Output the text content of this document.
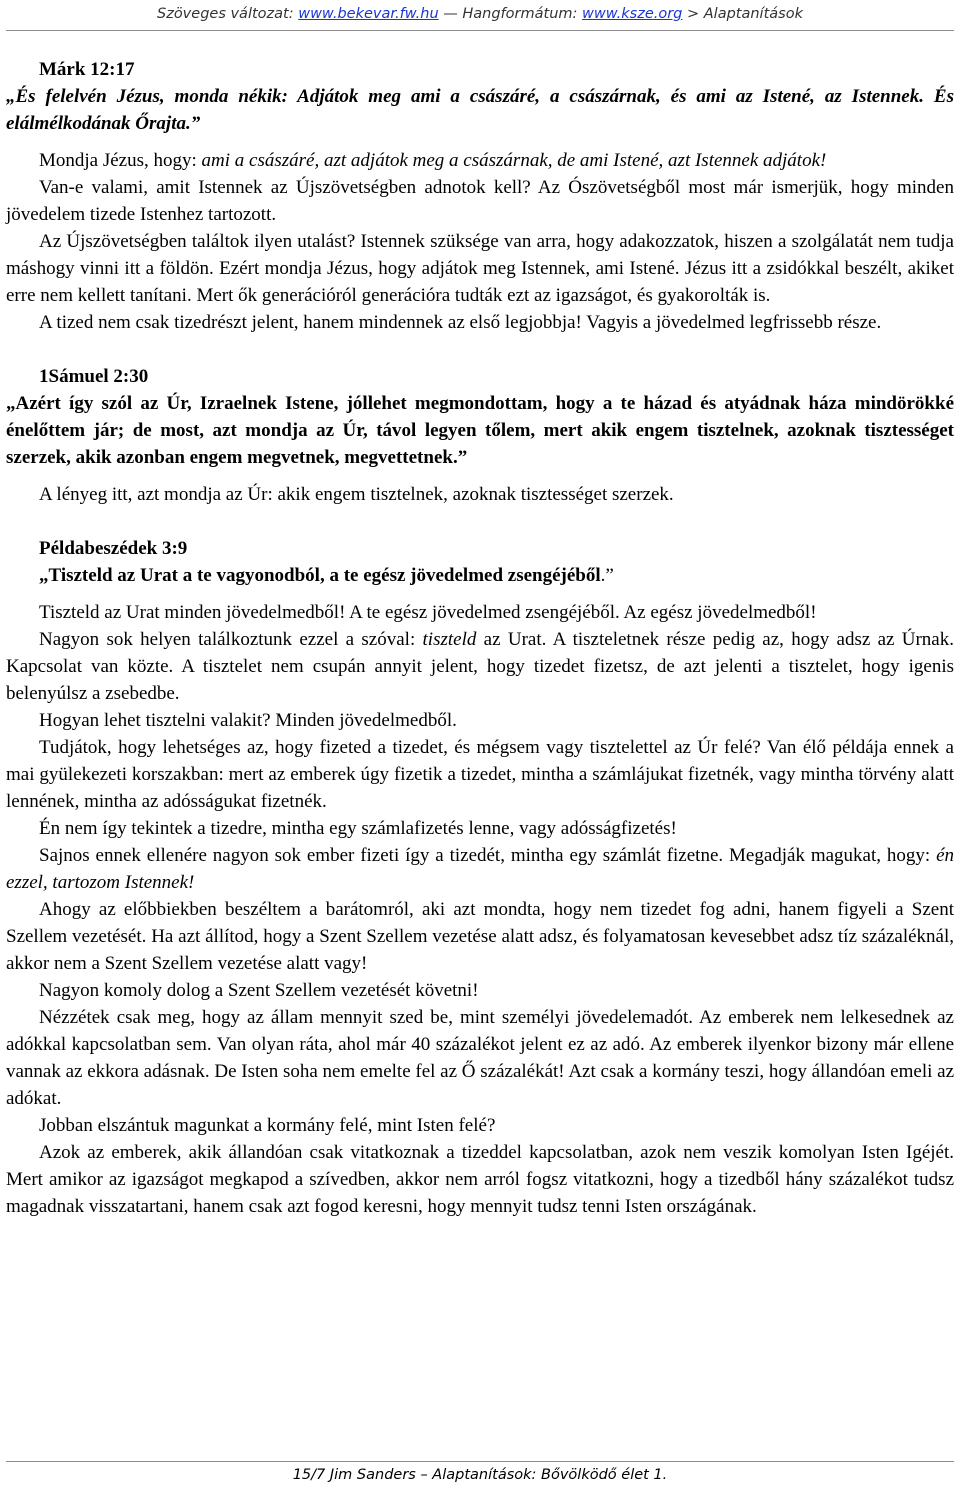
Szöveges változat: www.bekevar.fw.hu — Hangformátum: www.ksze.org > Alaptanítások

Márk 12:17

„És felelvén Jézus, monda nékik: Adjátok meg ami a császáré, a császárnak, és ami az Istené, az Istennek. És elálmélkodának Őrajta.”

Mondja Jézus, hogy: ami a császáré, azt adjátok meg a császárnak, de ami Istené, azt Istennek adjátok!

Van-e valami, amit Istennek az Újszövetségben adnotok kell? Az Ószövetségből most már ismerjük, hogy minden jövedelem tizede Istenhez tartozott.

Az Újszövetségben találtok ilyen utalást? Istennek szüksége van arra, hogy adakozzatok, hiszen a szolgálatát nem tudja máshogy vinni itt a földön. Ezért mondja Jézus, hogy adjátok meg Istennek, ami Istené. Jézus itt a zsidókkal beszélt, akiket erre nem kellett tanítani. Mert ők generációról generációra tudták ezt az igazságot, és gyakorolták is.

A tized nem csak tizedrészt jelent, hanem mindennek az első legjobbja! Vagyis a jövedelmed legfrissebb része.

1Sámuel 2:30

„Azért így szól az Úr, Izraelnek Istene, jóllehet megmondottam, hogy a te házad és atyádnak háza mindörökké énelőttem jár; de most, azt mondja az Úr, távol legyen tőlem, mert akik engem tisztelnek, azoknak tisztességet szerzek, akik azonban engem megvetnek, megvettetnek.”

A lényeg itt, azt mondja az Úr: akik engem tisztelnek, azoknak tisztességet szerzek.

Példabeszédek 3:9

„Tiszteld az Urat a te vagyonodból, a te egész jövedelmed zsengéjéből.”

Tiszteld az Urat minden jövedelmedből! A te egész jövedelmed zsengéjéből. Az egész jövedelmedből!

Nagyon sok helyen találkoztunk ezzel a szóval: tiszteld az Urat. A tiszteletnek része pedig az, hogy adsz az Úrnak. Kapcsolat van közte. A tisztelet nem csupán annyit jelent, hogy tizedet fizetsz, de azt jelenti a tisztelet, hogy igenis belenyúlsz a zsebedbe.

Hogyan lehet tisztelni valakit? Minden jövedelmedből.

Tudjátok, hogy lehetséges az, hogy fizeted a tizedet, és mégsem vagy tisztelettel az Úr felé? Van élő példája ennek a mai gyülekezeti korszakban: mert az emberek úgy fizetik a tizedet, mintha a számlájukat fizetnék, vagy mintha törvény alatt lennének, mintha az adósságukat fizetnék.

Én nem így tekintek a tizedre, mintha egy számlafizetés lenne, vagy adósságfizetés!

Sajnos ennek ellenére nagyon sok ember fizeti így a tizedét, mintha egy számlát fizetne. Megadják magukat, hogy: én ezzel, tartozom Istennek!

Ahogy az előbbiekben beszéltem a barátomról, aki azt mondta, hogy nem tizedet fog adni, hanem figyeli a Szent Szellem vezetését. Ha azt állítod, hogy a Szent Szellem vezetése alatt adsz, és folyamatosan kevesebbet adsz tíz százaléknál, akkor nem a Szent Szellem vezetése alatt vagy!

Nagyon komoly dolog a Szent Szellem vezetését követni!

Nézzétek csak meg, hogy az állam mennyit szed be, mint személyi jövedelemadót. Az emberek nem lelkesednek az adókkal kapcsolatban sem. Van olyan ráta, ahol már 40 százalékot jelent ez az adó. Az emberek ilyenkor bizony már ellene vannak az ekkora adásnak. De Isten soha nem emelte fel az Ő százalékát! Azt csak a kormány teszi, hogy állandóan emeli az adókat.

Jobban elszántuk magunkat a kormány felé, mint Isten felé?

Azok az emberek, akik állandóan csak vitatkoznak a tizeddel kapcsolatban, azok nem veszik komolyan Isten Igéjét. Mert amikor az igazságot megkapod a szívedben, akkor nem arról fogsz vitatkozni, hogy a tizedből hány százalékot tudsz magadnak visszatartani, hanem csak azt fogod keresni, hogy mennyit tudsz tenni Isten országának.

15/7 Jim Sanders – Alaptanítások: Bővölködő élet 1.
